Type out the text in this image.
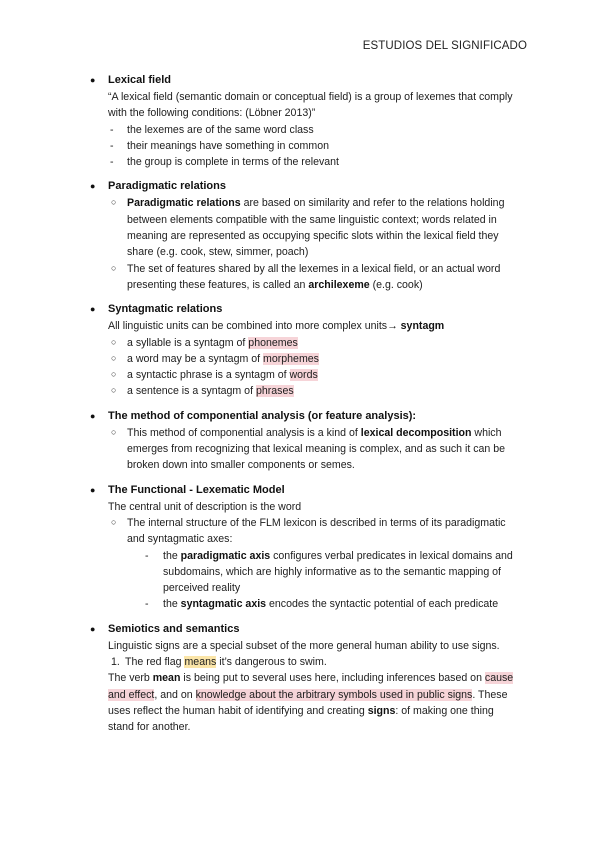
ESTUDIOS DEL SIGNIFICADO
● Lexical field

“A lexical field (semantic domain or conceptual field) is a group of lexemes that comply with the following conditions: (Löbner 2013)”

- the lexemes are of the same word class
- their meanings have something in common
- the group is complete in terms of the relevant
● Paradigmatic relations
○ Paradigmatic relations are based on similarity and refer to the relations holding between elements compatible with the same linguistic context; words related in meaning are represented as occupying specific slots within the lexical field they share (e.g. cook, stew, simmer, poach)
○ The set of features shared by all the lexemes in a lexical field, or an actual word presenting these features, is called an archilexeme (e.g. cook)
● Syntagmatic relations

All linguistic units can be combined into more complex units→ syntagm

○ a syllable is a syntagm of phonemes
○ a word may be a syntagm of morphemes
○ a syntactic phrase is a syntagm of words
○ a sentence is a syntagm of phrases
● The method of componential analysis (or feature analysis):
○ This method of componential analysis is a kind of lexical decomposition which emerges from recognizing that lexical meaning is complex, and as such it can be broken down into smaller components or semes.
● The Functional - Lexematic Model

The central unit of description is the word

○ The internal structure of the FLM lexicon is described in terms of its paradigmatic and syntagmatic axes:
- the paradigmatic axis configures verbal predicates in lexical domains and subdomains, which are highly informative as to the semantic mapping of perceived reality
- the syntagmatic axis encodes the syntactic potential of each predicate
● Semiotics and semantics

Linguistic signs are a special subset of the more general human ability to use signs.

1. The red flag means it’s dangerous to swim.

The verb mean is being put to several uses here, including inferences based on cause and effect, and on knowledge about the arbitrary symbols used in public signs. These uses reflect the human habit of identifying and creating signs: of making one thing stand for another.
